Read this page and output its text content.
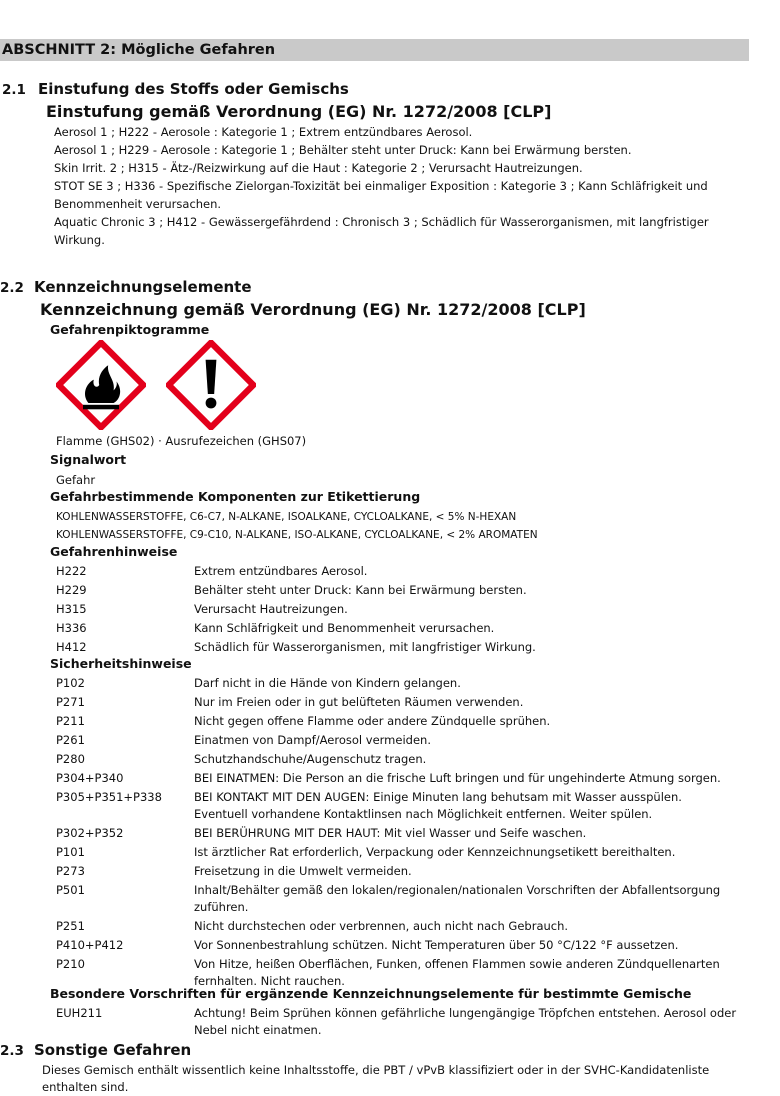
ABSCHNITT 2: Mögliche Gefahren
2.1 Einstufung des Stoffs oder Gemischs
Einstufung gemäß Verordnung (EG) Nr. 1272/2008 [CLP]
Aerosol 1 ; H222 - Aerosole : Kategorie 1 ; Extrem entzündbares Aerosol.
Aerosol 1 ; H229 - Aerosole : Kategorie 1 ; Behälter steht unter Druck: Kann bei Erwärmung bersten.
Skin Irrit. 2 ; H315 - Ätz-/Reizwirkung auf die Haut : Kategorie 2 ; Verursacht Hautreizungen.
STOT SE 3 ; H336 - Spezifische Zielorgan-Toxizität bei einmaliger Exposition : Kategorie 3 ; Kann Schläfrigkeit und
Benommenheit verursachen.
Aquatic Chronic 3 ; H412 - Gewässergefährdend : Chronisch 3 ; Schädlich für Wasserorganismen, mit langfristiger
Wirkung.
2.2 Kennzeichnungselemente
Kennzeichnung gemäß Verordnung (EG) Nr. 1272/2008 [CLP]
Gefahrenpiktogramme
Flamme (GHS02) · Ausrufezeichen (GHS07)
Signalwort
Gefahr
Gefahrbestimmende Komponenten zur Etikettierung
KOHLENWASSERSTOFFE, C6-C7, N-ALKANE, ISOALKANE, CYCLOALKANE, < 5% N-HEXAN
KOHLENWASSERSTOFFE, C9-C10, N-ALKANE, ISO-ALKANE, CYCLOALKANE, < 2% AROMATEN
Gefahrenhinweise
H222	Extrem entzündbares Aerosol.
H229	Behälter steht unter Druck: Kann bei Erwärmung bersten.
H315	Verursacht Hautreizungen.
H336	Kann Schläfrigkeit und Benommenheit verursachen.
H412	Schädlich für Wasserorganismen, mit langfristiger Wirkung.
Sicherheitshinweise
P102	Darf nicht in die Hände von Kindern gelangen.
P271	Nur im Freien oder in gut belüfteten Räumen verwenden.
P211	Nicht gegen offene Flamme oder andere Zündquelle sprühen.
P261	Einatmen von Dampf/Aerosol vermeiden.
P280	Schutzhandschuhe/Augenschutz tragen.
P304+P340	BEI EINATMEN: Die Person an die frische Luft bringen und für ungehinderte Atmung sorgen.
P305+P351+P338	BEI KONTAKT MIT DEN AUGEN: Einige Minuten lang behutsam mit Wasser ausspülen.
Eventuell vorhandene Kontaktlinsen nach Möglichkeit entfernen. Weiter spülen.
P302+P352	BEI BERÜHRUNG MIT DER HAUT: Mit viel Wasser und Seife waschen.
P101	Ist ärztlicher Rat erforderlich, Verpackung oder Kennzeichnungsetikett bereithalten.
P273	Freisetzung in die Umwelt vermeiden.
P501	Inhalt/Behälter gemäß den lokalen/regionalen/nationalen Vorschriften der Abfallentsorgung
zuführen.
P251	Nicht durchstechen oder verbrennen, auch nicht nach Gebrauch.
P410+P412	Vor Sonnenbestrahlung schützen. Nicht Temperaturen über 50 °C/122 °F aussetzen.
P210	Von Hitze, heißen Oberflächen, Funken, offenen Flammen sowie anderen Zündquellenarten
fernhalten. Nicht rauchen.
Besondere Vorschriften für ergänzende Kennzeichnungselemente für bestimmte Gemische
EUH211	Achtung! Beim Sprühen können gefährliche lungengängige Tröpfchen entstehen. Aerosol oder
Nebel nicht einatmen.
2.3 Sonstige Gefahren
Dieses Gemisch enthält wissentlich keine Inhaltsstoffe, die PBT / vPvB klassifiziert oder in der SVHC-Kandidatenliste
enthalten sind.
